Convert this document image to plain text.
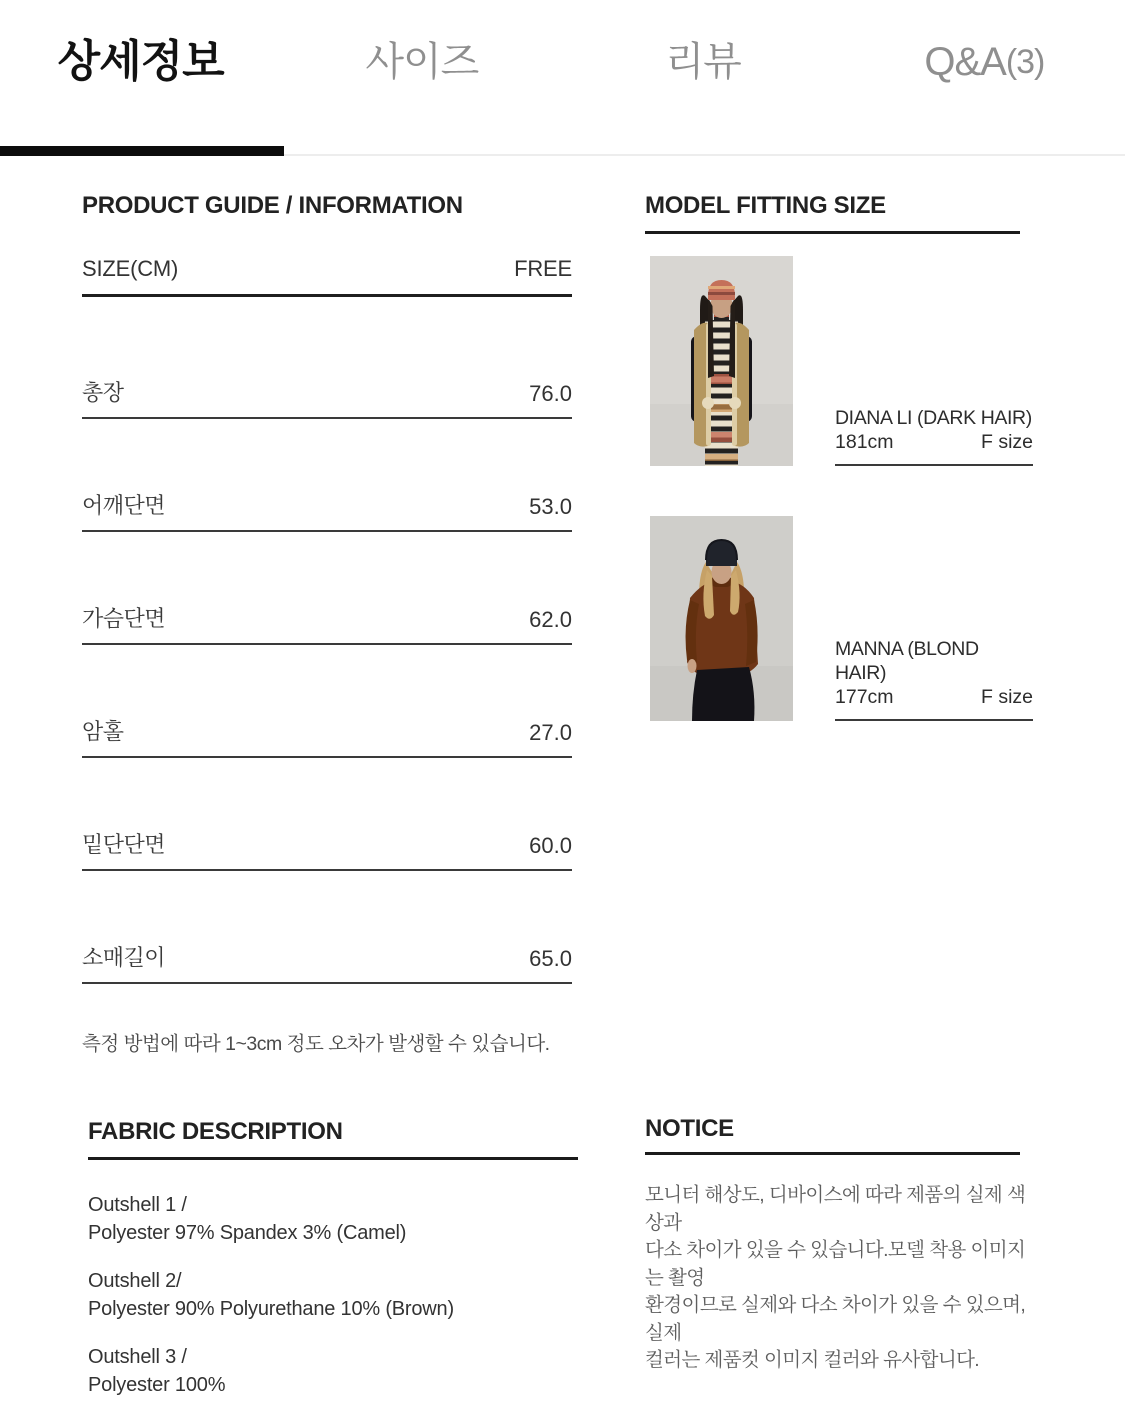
상세정보	사이즈	리뷰	Q&A (3)
PRODUCT GUIDE / INFORMATION
SIZE(CM)	FREE
총장	76.0
어깨단면	53.0
가슴단면	62.0
암홀	27.0
밑단단면	60.0
소매길이	65.0

측정 방법에 따라 1~3cm 정도 오차가 발생할 수 있습니다.

MODEL FITTING SIZE
DIANA LI (DARK HAIR)
181cm	F size
MANNA (BLOND HAIR)
177cm	F size
FABRIC DESCRIPTION
Outshell 1 /
Polyester 97% Spandex 3% (Camel)
Outshell 2/
Polyester 90% Polyurethane 10% (Brown)
Outshell 3 /
Polyester 100%
NOTICE

모니터 해상도, 디바이스에 따라 제품의 실제 색상과

다소 차이가 있을 수 있습니다.모델 착용 이미지는 촬영

환경이므로 실제와 다소 차이가 있을 수 있으며, 실제

컬러는 제품컷 이미지 컬러와 유사합니다.
